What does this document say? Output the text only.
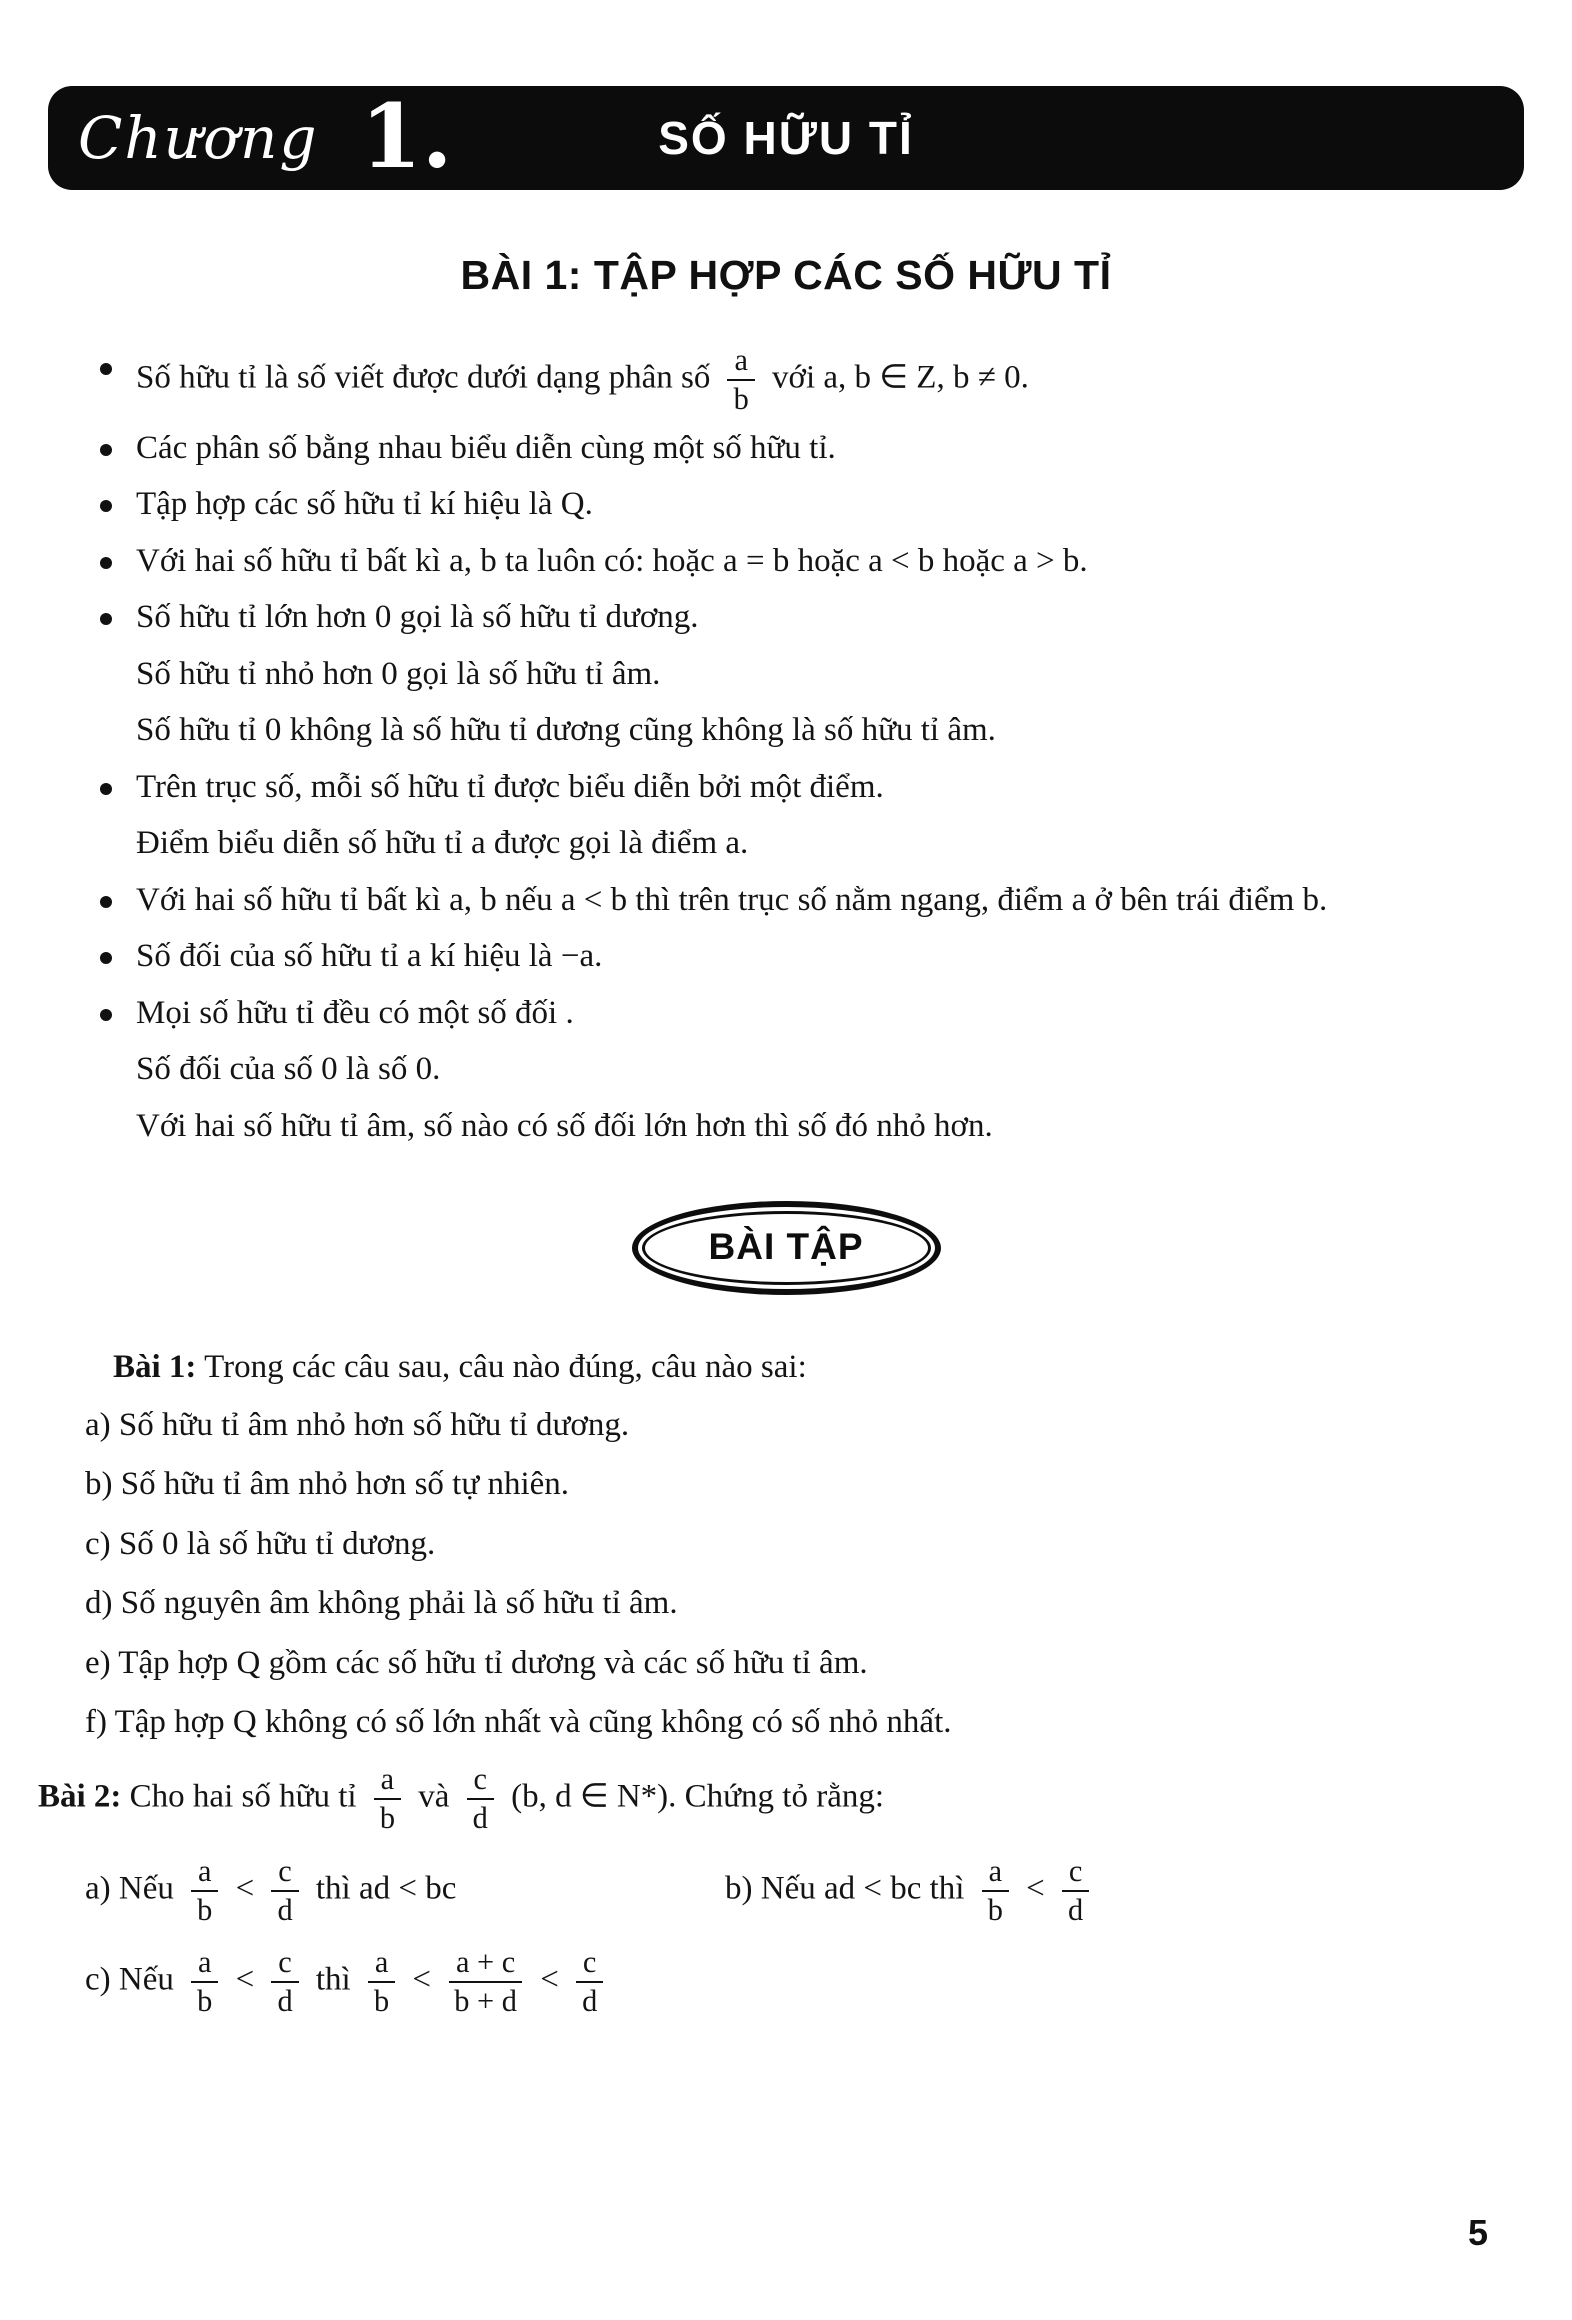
Chương 1.	SỐ HỮU TỈ
BÀI 1: TẬP HỢP CÁC SỐ HỮU TỈ
Số hữu tỉ là số viết được dưới dạng phân số $\frac{a}{b}$ với a, b ∈ Z, b ≠ 0.
Các phân số bằng nhau biểu diễn cùng một số hữu tỉ.
Tập hợp các số hữu tỉ kí hiệu là Q.
Với hai số hữu tỉ bất kì a, b ta luôn có: hoặc a = b hoặc a < b hoặc a > b.
Số hữu tỉ lớn hơn 0 gọi là số hữu tỉ dương.
Số hữu tỉ nhỏ hơn 0 gọi là số hữu tỉ âm.
Số hữu tỉ 0 không là số hữu tỉ dương cũng không là số hữu tỉ âm.
Trên trục số, mỗi số hữu tỉ được biểu diễn bởi một điểm.
Điểm biểu diễn số hữu tỉ a được gọi là điểm a.
Với hai số hữu tỉ bất kì a, b nếu a < b thì trên trục số nằm ngang, điểm a ở bên trái điểm b.
Số đối của số hữu tỉ a kí hiệu là −a.
Mọi số hữu tỉ đều có một số đối .
Số đối của số 0 là số 0.
Với hai số hữu tỉ âm, số nào có số đối lớn hơn thì số đó nhỏ hơn.
BÀI TẬP
Bài 1: Trong các câu sau, câu nào đúng, câu nào sai:
a) Số hữu tỉ âm nhỏ hơn số hữu tỉ dương.
b) Số hữu tỉ âm nhỏ hơn số tự nhiên.
c) Số 0 là số hữu tỉ dương.
d) Số nguyên âm không phải là số hữu tỉ âm.
e) Tập hợp Q gồm các số hữu tỉ dương và các số hữu tỉ âm.
f) Tập hợp Q không có số lớn nhất và cũng không có số nhỏ nhất.
Bài 2: Cho hai số hữu tỉ $\frac{a}{b}$ và $\frac{c}{d} (b$, d ∈ N*). Chứng tỏ rằng:
a) Nếu $\frac{a}{b} < \frac{c}{d}$ thì ad < bc	b) Nếu ad < bc thì $\frac{a}{b} < \frac{c}{d}$
c) Nếu $\frac{a}{b} < \frac{c}{d}$ thì $\frac{a}{b} < \frac{a + c}{b + d} < \frac{c}{d}$
5
